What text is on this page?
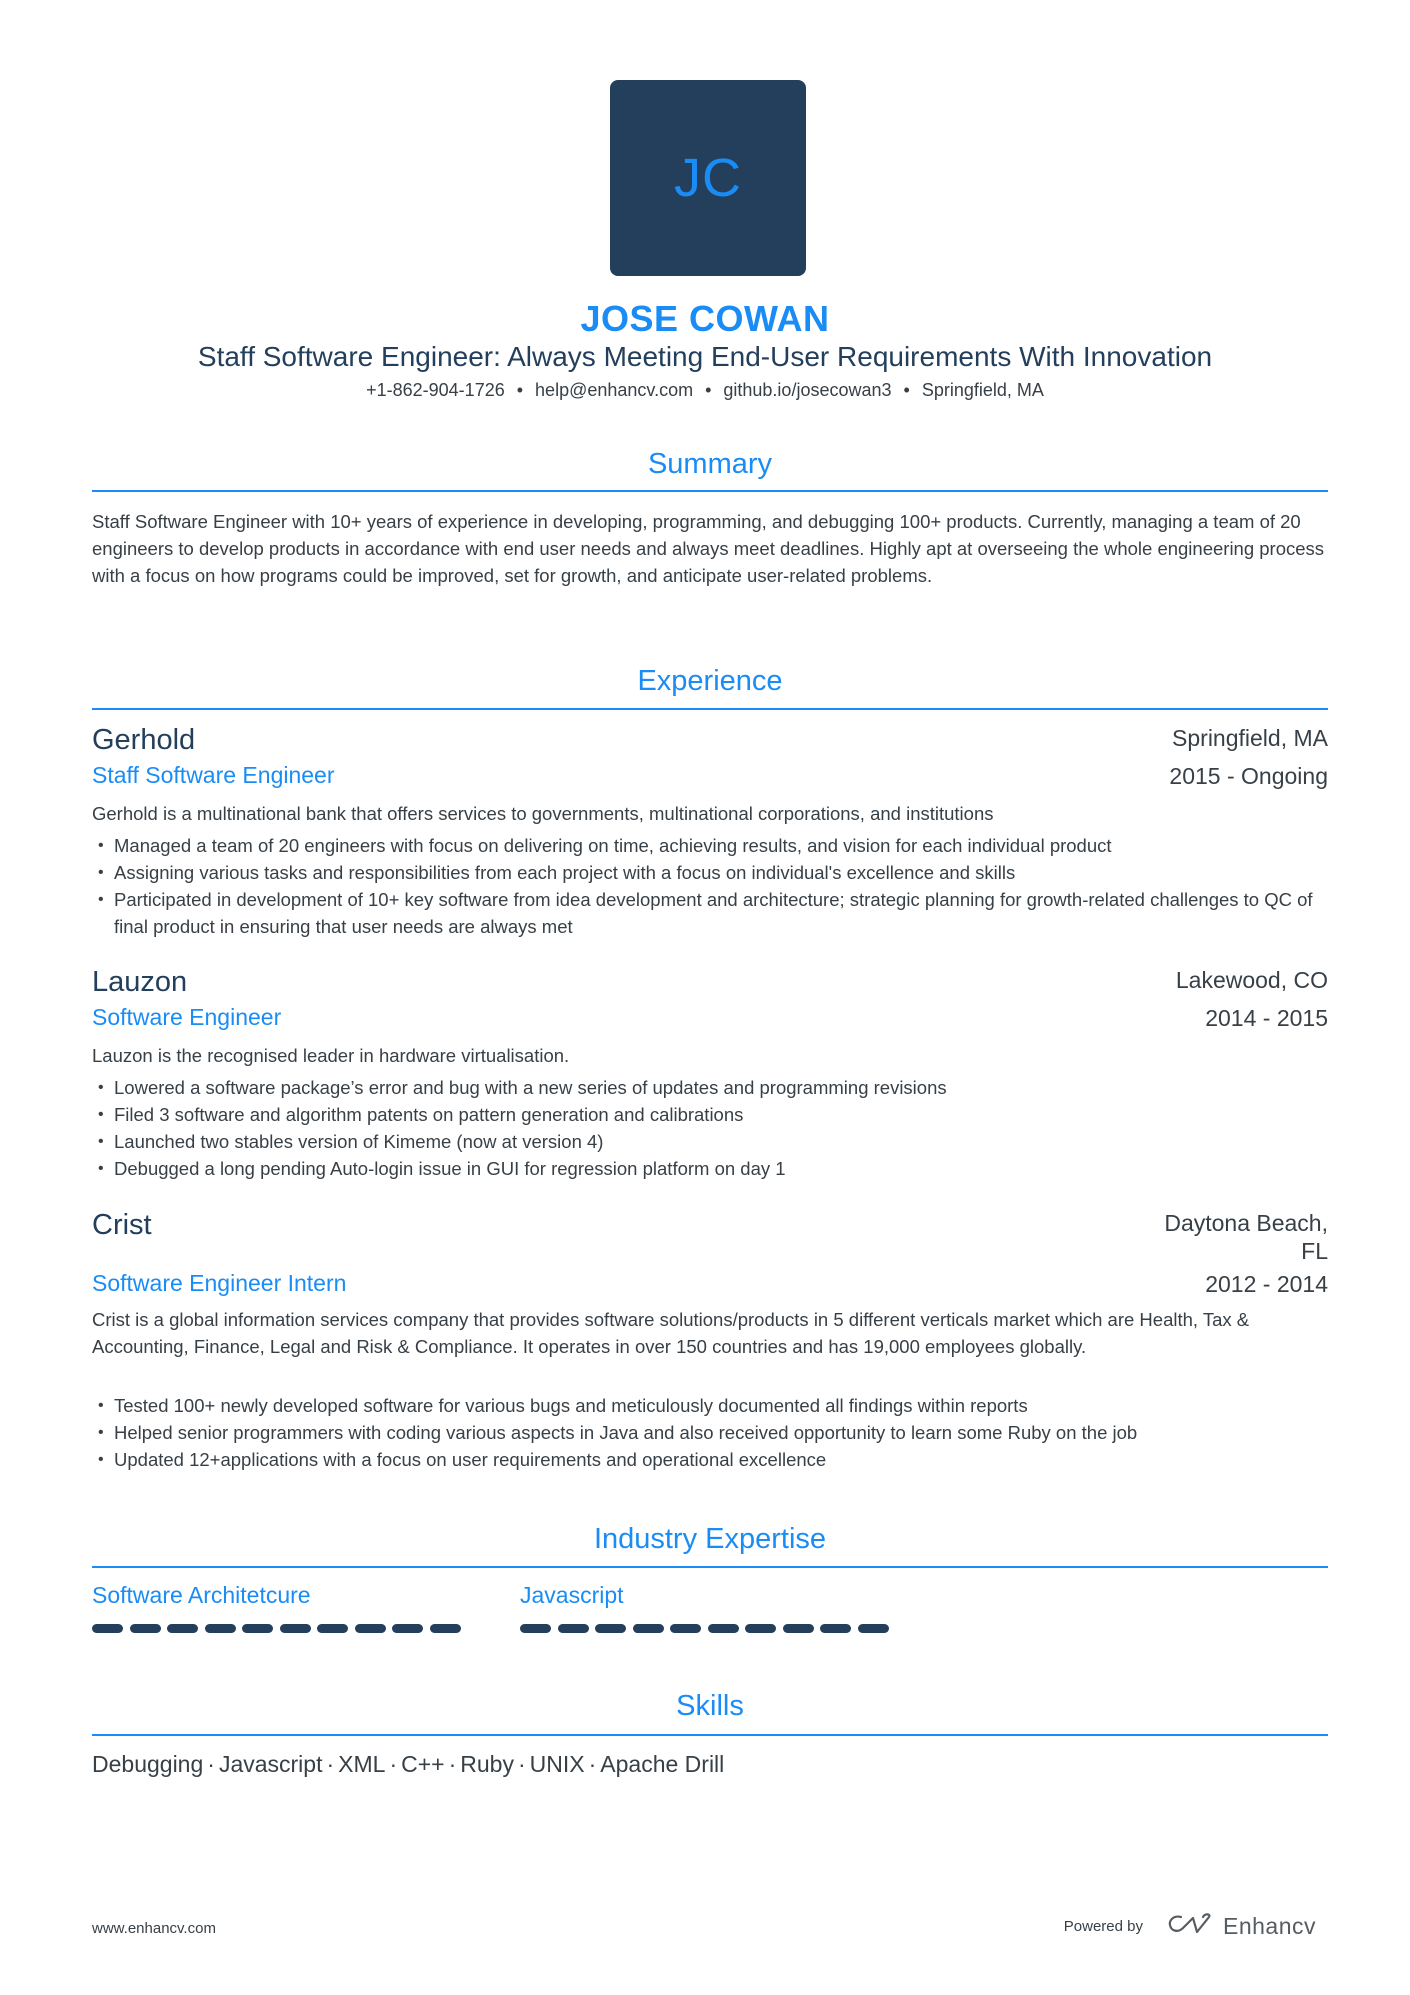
JC
JOSE COWAN
Staff Software Engineer: Always Meeting End-User Requirements With Innovation
+1-862-904-1726 • help@enhancv.com • github.io/josecowan3 • Springfield, MA
Summary
Staff Software Engineer with 10+ years of experience in developing, programming, and debugging 100+ products. Currently, managing a team of 20 engineers to develop products in accordance with end user needs and always meet deadlines. Highly apt at overseeing the whole engineering process with a focus on how programs could be improved, set for growth, and anticipate user-related problems.
Experience
Gerhold	Springfield, MA
Staff Software Engineer	2015 - Ongoing
Gerhold is a multinational bank that offers services to governments, multinational corporations, and institutions
• Managed a team of 20 engineers with focus on delivering on time, achieving results, and vision for each individual product
• Assigning various tasks and responsibilities from each project with a focus on individual's excellence and skills
• Participated in development of 10+ key software from idea development and architecture; strategic planning for growth-related challenges to QC of final product in ensuring that user needs are always met
Lauzon	Lakewood, CO
Software Engineer	2014 - 2015
Lauzon is the recognised leader in hardware virtualisation.
• Lowered a software package’s error and bug with a new series of updates and programming revisions
• Filed 3 software and algorithm patents on pattern generation and calibrations
• Launched two stables version of Kimeme (now at version 4)
• Debugged a long pending Auto-login issue in GUI for regression platform on day 1
Crist	Daytona Beach,
FL
Software Engineer Intern	2012 - 2014
Crist is a global information services company that provides software solutions/products in 5 different verticals market which are Health, Tax & Accounting, Finance, Legal and Risk & Compliance. It operates in over 150 countries and has 19,000 employees globally.
• Tested 100+ newly developed software for various bugs and meticulously documented all findings within reports
• Helped senior programmers with coding various aspects in Java and also received opportunity to learn some Ruby on the job
• Updated 12+applications with a focus on user requirements and operational excellence
Industry Expertise
Software Architetcure	Javascript
Skills
Debugging · Javascript · XML · C++ · Ruby · UNIX · Apache Drill
www.enhancv.com	Powered by	Enhancv
